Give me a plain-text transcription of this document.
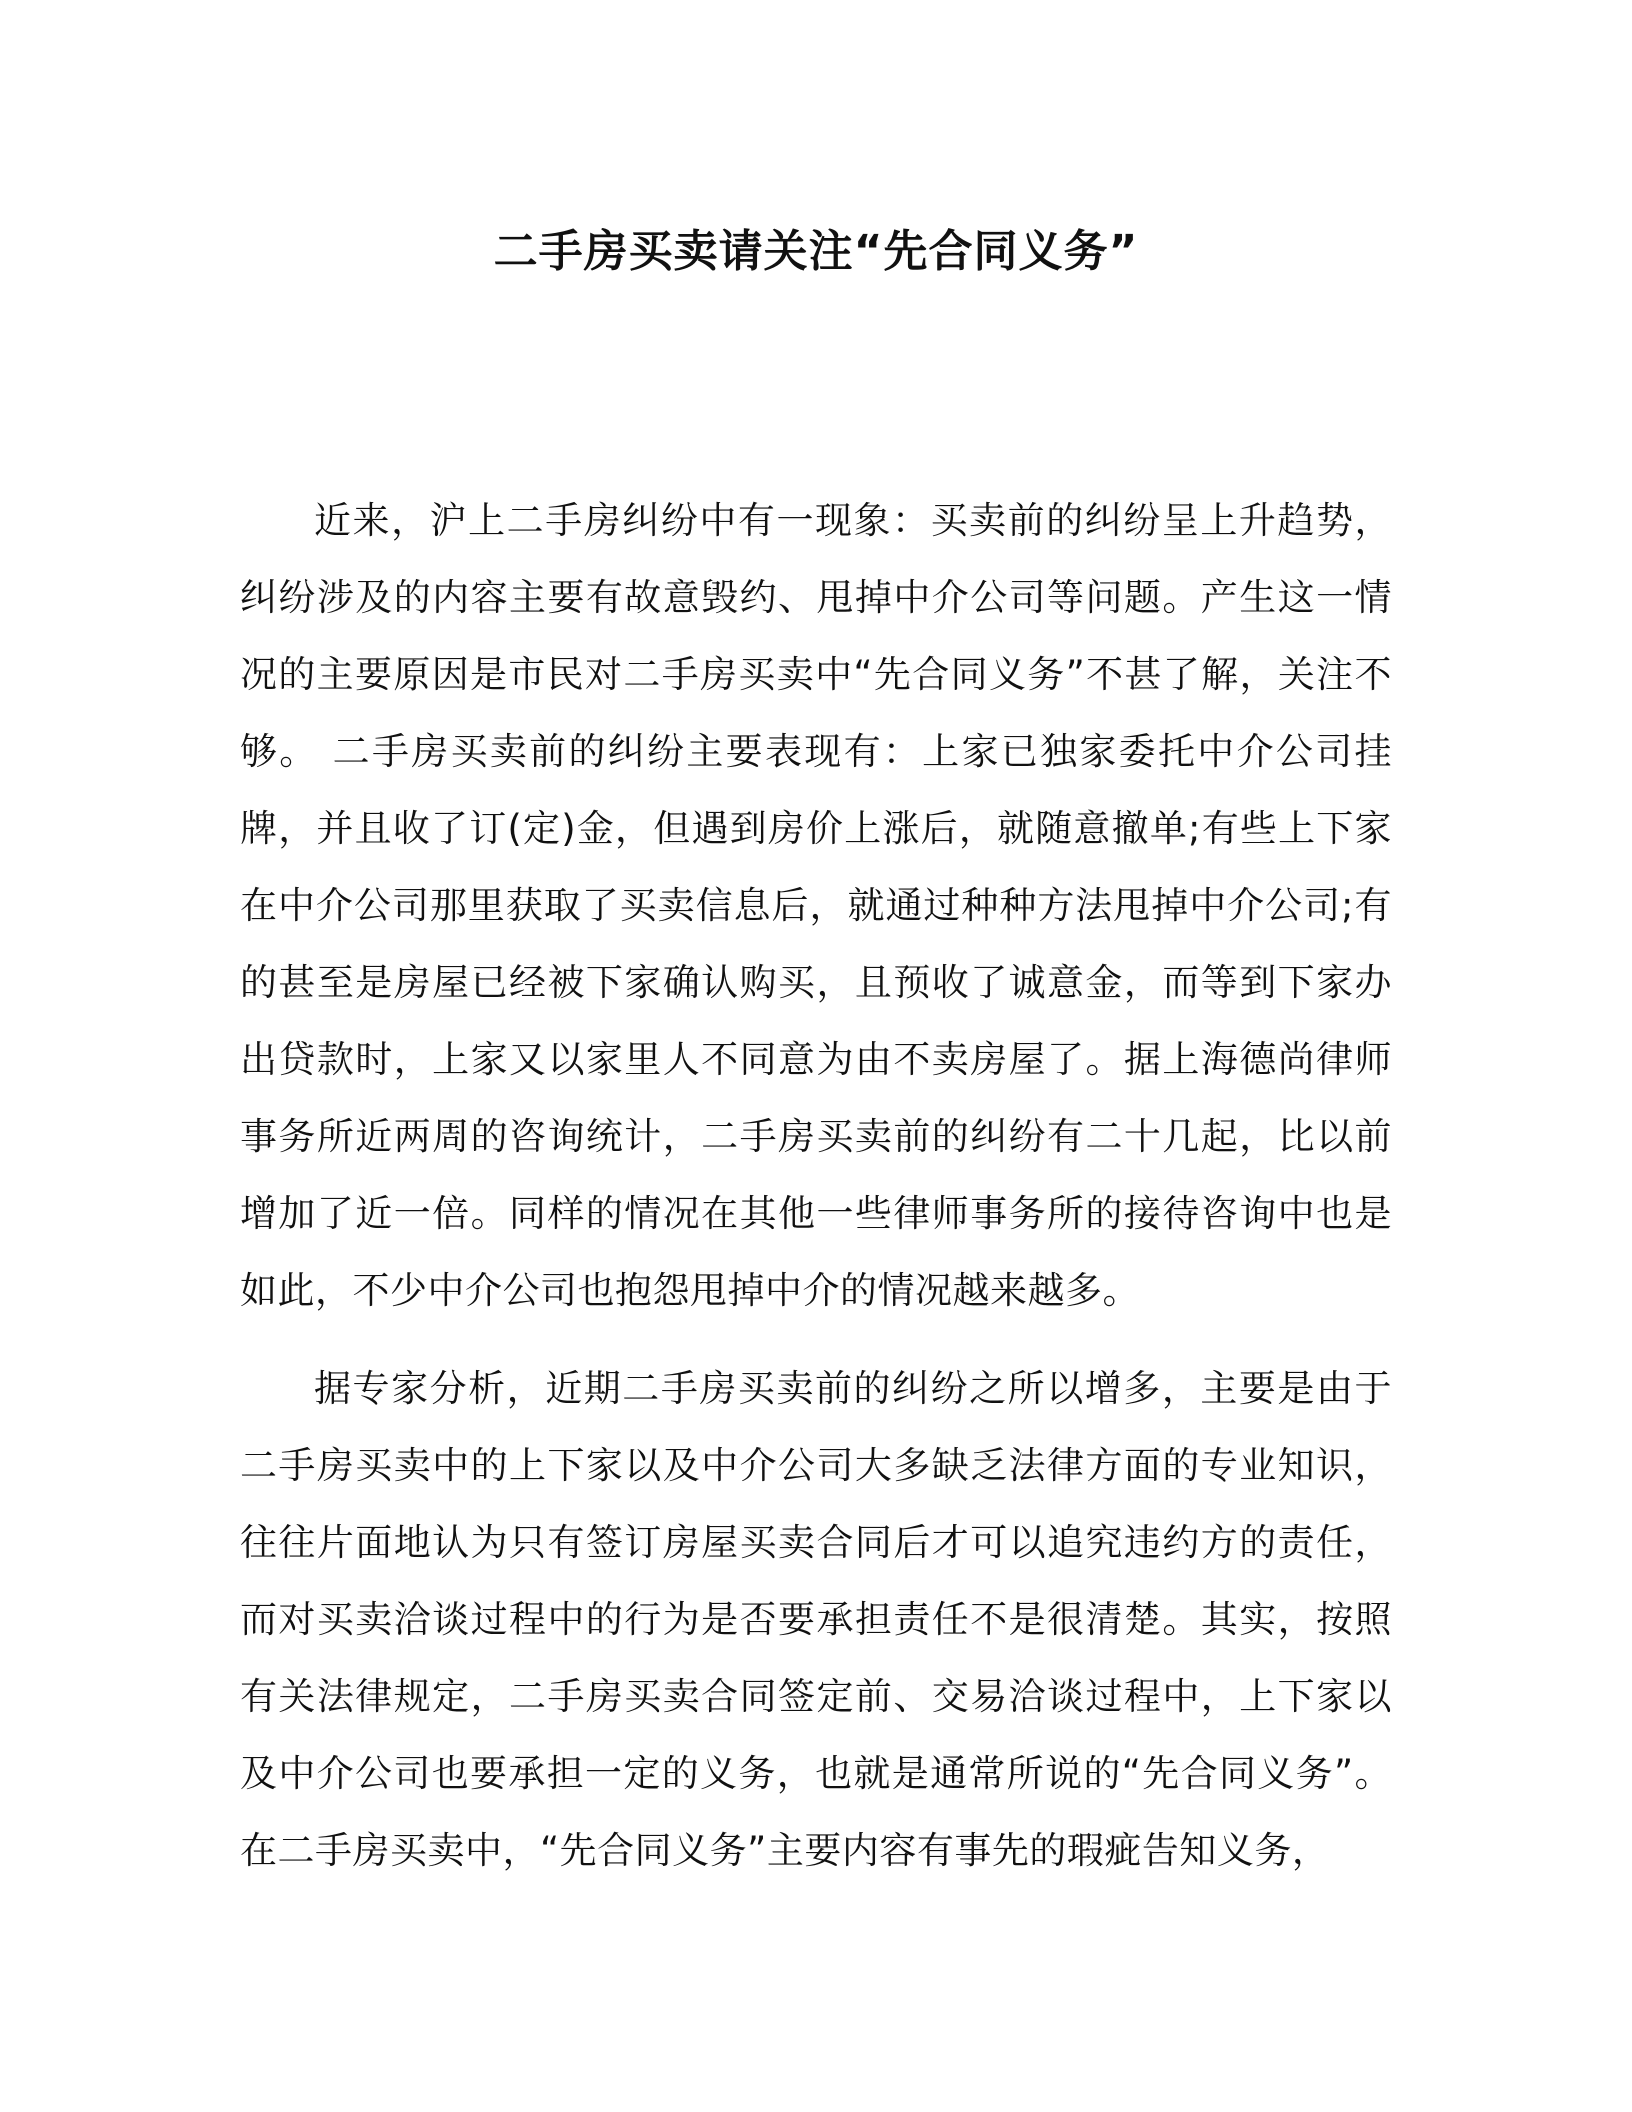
二手房买卖请关注“先合同义务”

近来，沪上二手房纠纷中有一现象：买卖前的纠纷呈上升趋势，纠纷涉及的内容主要有故意毁约、甩掉中介公司等问题。产生这一情况的主要原因是市民对二手房买卖中“先合同义务”不甚了解，关注不够。 二手房买卖前的纠纷主要表现有：上家已独家委托中介公司挂牌，并且收了订(定)金，但遇到房价上涨后，就随意撤单;有些上下家在中介公司那里获取了买卖信息后，就通过种种方法甩掉中介公司;有的甚至是房屋已经被下家确认购买，且预收了诚意金，而等到下家办出贷款时，上家又以家里人不同意为由不卖房屋了。据上海德尚律师事务所近两周的咨询统计，二手房买卖前的纠纷有二十几起，比以前增加了近一倍。同样的情况在其他一些律师事务所的接待咨询中也是如此，不少中介公司也抱怨甩掉中介的情况越来越多。

据专家分析，近期二手房买卖前的纠纷之所以增多，主要是由于二手房买卖中的上下家以及中介公司大多缺乏法律方面的专业知识，往往片面地认为只有签订房屋买卖合同后才可以追究违约方的责任，而对买卖洽谈过程中的行为是否要承担责任不是很清楚。其实，按照有关法律规定，二手房买卖合同签定前、交易洽谈过程中，上下家以及中介公司也要承担一定的义务，也就是通常所说的“先合同义务”。在二手房买卖中，“先合同义务”主要内容有事先的瑕疵告知义务，
